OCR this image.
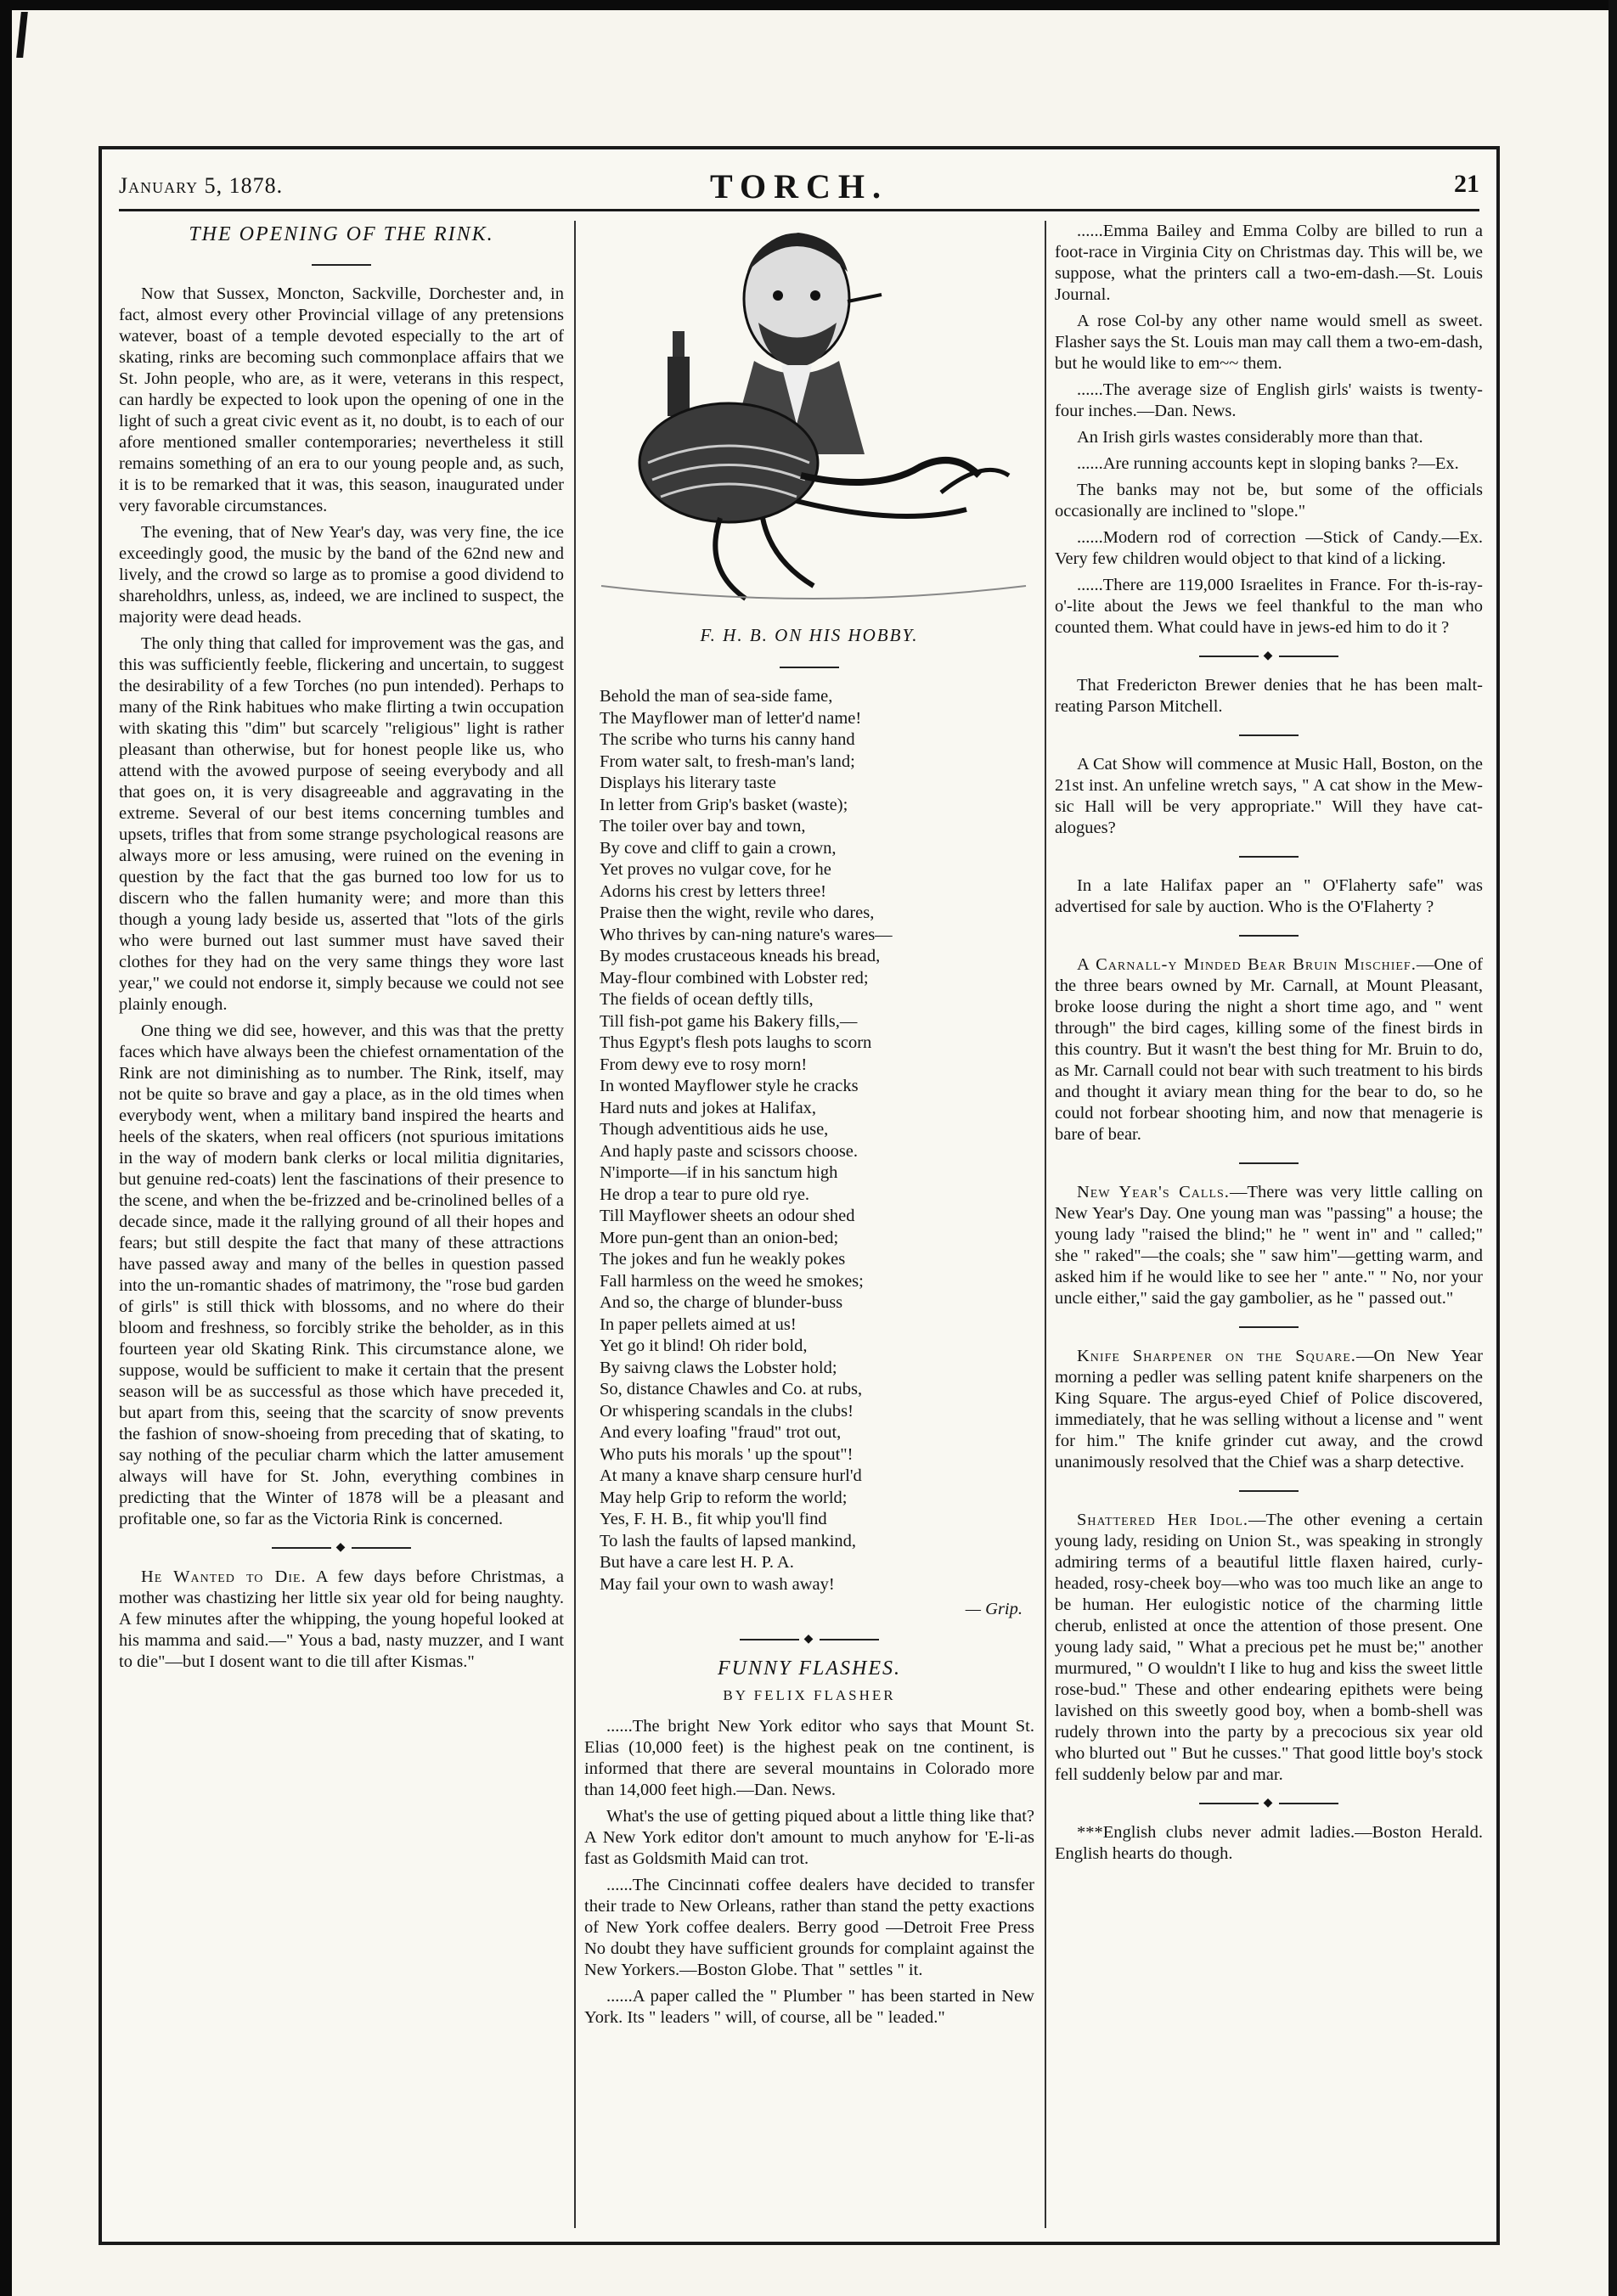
January 5, 1878.	TORCH.	21
THE OPENING OF THE RINK.

Now that Sussex, Moncton, Sackville, Dorchester and, in fact, almost every other Provincial village of any pretensions watever, boast of a temple devoted especially to the art of skating, rinks are becoming such commonplace affairs that we St. John people, who are, as it were, veterans in this respect, can hardly be expected to look upon the opening of one in the light of such a great civic event as it, no doubt, is to each of our afore mentioned smaller contemporaries; nevertheless it still remains something of an era to our young people and, as such, it is to be remarked that it was, this season, inaugurated under very favorable circumstances.

The evening, that of New Year's day, was very fine, the ice exceedingly good, the music by the band of the 62nd new and lively, and the crowd so large as to promise a good dividend to shareholdhrs, unless, as, indeed, we are inclined to suspect, the majority were dead heads.

The only thing that called for improvement was the gas, and this was sufficiently feeble, flickering and uncertain, to suggest the desirability of a few Torches (no pun intended). Perhaps to many of the Rink habitues who make flirting a twin occupation with skating this "dim" but scarcely "religious" light is rather pleasant than otherwise, but for honest people like us, who attend with the avowed purpose of seeing everybody and all that goes on, it is very disagreeable and aggravating in the extreme. Several of our best items concerning tumbles and upsets, trifles that from some strange psychological reasons are always more or less amusing, were ruined on the evening in question by the fact that the gas burned too low for us to discern who the fallen humanity were; and more than this though a young lady beside us, asserted that "lots of the girls who were burned out last summer must have saved their clothes for they had on the very same things they wore last year," we could not endorse it, simply because we could not see plainly enough.

One thing we did see, however, and this was that the pretty faces which have always been the chiefest ornamentation of the Rink are not diminishing as to number. The Rink, itself, may not be quite so brave and gay a place, as in the old times when everybody went, when a military band inspired the hearts and heels of the skaters, when real officers (not spurious imitations in the way of modern bank clerks or local militia dignitaries, but genuine red-coats) lent the fascinations of their presence to the scene, and when the be-frizzed and be-crinolined belles of a decade since, made it the rallying ground of all their hopes and fears; but still despite the fact that many of these attractions have passed away and many of the belles in question passed into the un-romantic shades of matrimony, the "rose bud garden of girls" is still thick with blossoms, and no where do their bloom and freshness, so forcibly strike the beholder, as in this fourteen year old Skating Rink. This circumstance alone, we suppose, would be sufficient to make it certain that the present season will be as successful as those which have preceded it, but apart from this, seeing that the scarcity of snow prevents the fashion of snow-shoeing from preceding that of skating, to say nothing of the peculiar charm which the latter amusement always will have for St. John, everything combines in predicting that the Winter of 1878 will be a pleasant and profitable one, so far as the Victoria Rink is concerned.

◆

He Wanted to Die. A few days before Christmas, a mother was chastizing her little six year old for being naughty. A few minutes after the whipping, the young hopeful looked at his mamma and said.—" Yous a bad, nasty muzzer, and I want to die"—but I dosent want to die till after Kismas."

F. H. B. ON HIS HOBBY.
Behold the man of sea-side fame,
The Mayflower man of letter'd name!
The scribe who turns his canny hand
From water salt, to fresh-man's land;
Displays his literary taste
In letter from Grip's basket (waste);
The toiler over bay and town,
By cove and cliff to gain a crown,
Yet proves no vulgar cove, for he
Adorns his crest by letters three!
Praise then the wight, revile who dares,
Who thrives by can-ning nature's wares—
By modes crustaceous kneads his bread,
May-flour combined with Lobster red;
The fields of ocean deftly tills,
Till fish-pot game his Bakery fills,—
Thus Egypt's flesh pots laughs to scorn
From dewy eve to rosy morn!
In wonted Mayflower style he cracks
Hard nuts and jokes at Halifax,
Though adventitious aids he use,
And haply paste and scissors choose.
N'importe—if in his sanctum high
He drop a tear to pure old rye.
Till Mayflower sheets an odour shed
More pun-gent than an onion-bed;
The jokes and fun he weakly pokes
Fall harmless on the weed he smokes;
And so, the charge of blunder-buss
In paper pellets aimed at us!
Yet go it blind! Oh rider bold,
By saivng claws the Lobster hold;
So, distance Chawles and Co. at rubs,
Or whispering scandals in the clubs!
And every loafing "fraud" trot out,
Who puts his morals ' up the spout"!
At many a knave sharp censure hurl'd
May help Grip to reform the world;
Yes, F. H. B., fit whip you'll find
To lash the faults of lapsed mankind,
But have a care lest H. P. A.
May fail your own to wash away!

— Grip.

◆
FUNNY FLASHES.
BY FELIX FLASHER

......The bright New York editor who says that Mount St. Elias (10,000 feet) is the highest peak on tne continent, is informed that there are several mountains in Colorado more than 14,000 feet high.—Dan. News.

What's the use of getting piqued about a little thing like that? A New York editor don't amount to much anyhow for 'E-li-as fast as Goldsmith Maid can trot.

......The Cincinnati coffee dealers have decided to transfer their trade to New Orleans, rather than stand the petty exactions of New York coffee dealers. Berry good —Detroit Free Press No doubt they have sufficient grounds for complaint against the New Yorkers.—Boston Globe. That " settles " it.

......A paper called the " Plumber " has been started in New York. Its " leaders " will, of course, all be " leaded."

......Emma Bailey and Emma Colby are billed to run a foot-race in Virginia City on Christmas day. This will be, we suppose, what the printers call a two-em-dash.—St. Louis Journal.

A rose Col-by any other name would smell as sweet. Flasher says the St. Louis man may call them a two-em-dash, but he would like to em~~ them.

......The average size of English girls' waists is twenty-four inches.—Dan. News.

An Irish girls wastes considerably more than that.

......Are running accounts kept in sloping banks ?—Ex.

The banks may not be, but some of the officials occasionally are inclined to "slope."

......Modern rod of correction —Stick of Candy.—Ex. Very few children would object to that kind of a licking.

......There are 119,000 Israelites in France. For th-is-ray-o'-lite about the Jews we feel thankful to the man who counted them. What could have in jews-ed him to do it ?

◆

That Fredericton Brewer denies that he has been malt-reating Parson Mitchell.

A Cat Show will commence at Music Hall, Boston, on the 21st inst. An unfeline wretch says, " A cat show in the Mew-sic Hall will be very appropriate." Will they have cat-alogues?

In a late Halifax paper an " O'Flaherty safe" was advertised for sale by auction. Who is the O'Flaherty ?

A Carnall-y Minded Bear Bruin Mischief.—One of the three bears owned by Mr. Carnall, at Mount Pleasant, broke loose during the night a short time ago, and " went through" the bird cages, killing some of the finest birds in this country. But it wasn't the best thing for Mr. Bruin to do, as Mr. Carnall could not bear with such treatment to his birds and thought it aviary mean thing for the bear to do, so he could not forbear shooting him, and now that menagerie is bare of bear.

New Year's Calls.—There was very little calling on New Year's Day. One young man was "passing" a house; the young lady "raised the blind;" he " went in" and " called;" she " raked"—the coals; she " saw him"—getting warm, and asked him if he would like to see her " ante." " No, nor your uncle either," said the gay gambolier, as he " passed out."

Knife Sharpener on the Square.—On New Year morning a pedler was selling patent knife sharpeners on the King Square. The argus-eyed Chief of Police discovered, immediately, that he was selling without a license and " went for him." The knife grinder cut away, and the crowd unanimously resolved that the Chief was a sharp detective.

Shattered Her Idol.—The other evening a certain young lady, residing on Union St., was speaking in strongly admiring terms of a beautiful little flaxen haired, curly-headed, rosy-cheek boy—who was too much like an ange to be human. Her eulogistic notice of the charming little cherub, enlisted at once the attention of those present. One young lady said, " What a precious pet he must be;" another murmured, " O wouldn't I like to hug and kiss the sweet little rose-bud." These and other endearing epithets were being lavished on this sweetly good boy, when a bomb-shell was rudely thrown into the party by a precocious six year old who blurted out " But he cusses." That good little boy's stock fell suddenly below par and mar.

◆

***English clubs never admit ladies.—Boston Herald. English hearts do though.
